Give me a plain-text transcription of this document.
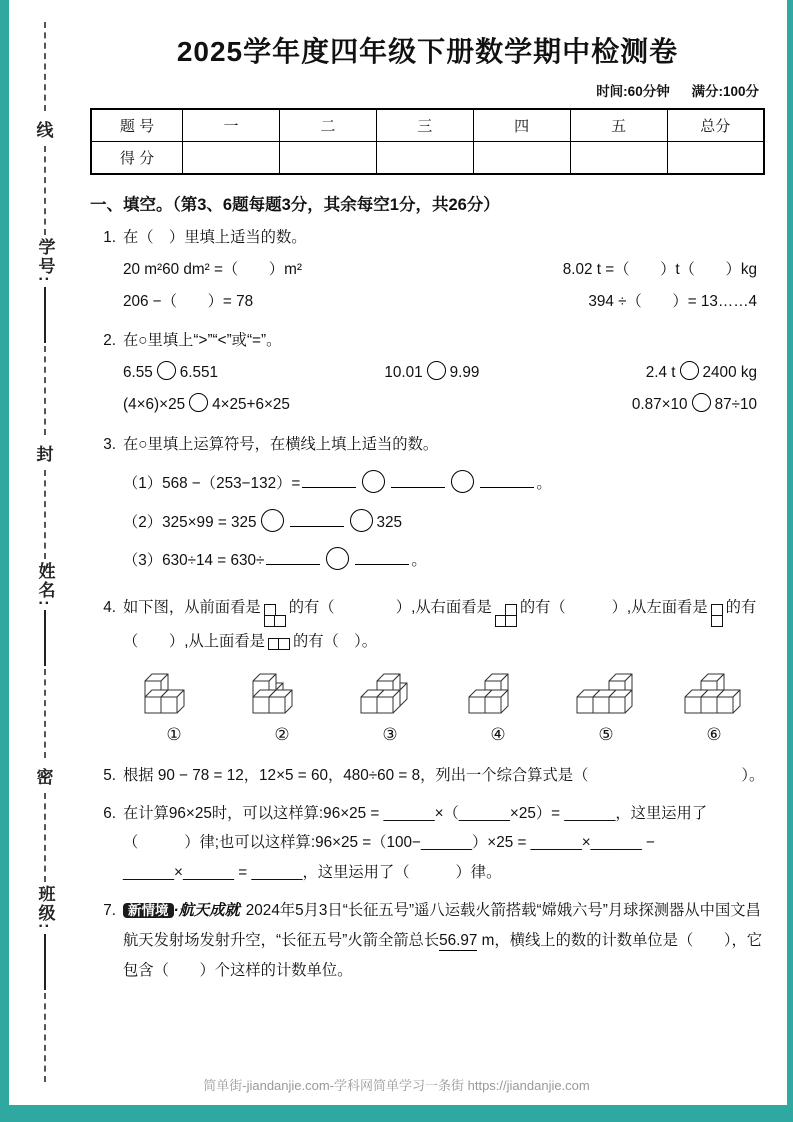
线
学号:
封
姓名:
密
班级:
2025学年度四年级下册数学期中检测卷
时间:60分钟 满分:100分
题 号	一	二	三	四	五	总分
得 分						
一、填空。（第3、6题每题3分，其余每空1分，共26分）
1. 在（　）里填上适当的数。
20 m²60 dm² =（　　）m²	8.02 t =（　　）t（　　）kg
206 −（　　）= 78	394 ÷（　　）= 13……4
2. 在○里填上“>”“<”或“=”。
6.55 6.551	10.01 9.99	2.4 t 2400 kg
(4×6)×25 4×25+6×25	0.87×10 87÷10
3. 在○里填上运算符号，在横线上填上适当的数。
（1）568 −（253−132）=	。
（2）325×99 = 325	325
（3）630÷14 = 630÷	。
4. 如下图，从前面看是 的有（　　　　）,从右面看是 的有（　　　）,从左面看是 的有（　　）,从上面看是 的有（　）。
①	②	③	④	⑤	⑥
5. 根据 90 − 78 = 12，12×5 = 60，480÷60 = 8，列出一个综合算式是（　　　　　　　　　　）。
6. 在计算96×25时，可以这样算:96×25 = ______×（______×25）= ______，这里运用了（　　　）律;也可以这样算:96×25 =（100−______）×25 = ______×______ − ______×______ = ______，这里运用了（　　　）律。
7. 新情境 ·航天成就 2024年5月3日“长征五号”遥八运载火箭搭载“嫦娥六号”月球探测器从中国文昌航天发射场发射升空，“长征五号”火箭全箭总长56.97 m，横线上的数的计数单位是（　　），它包含（　　）个这样的计数单位。
简单街-jiandanjie.com-学科网简单学习一条街 https://jiandanjie.com
